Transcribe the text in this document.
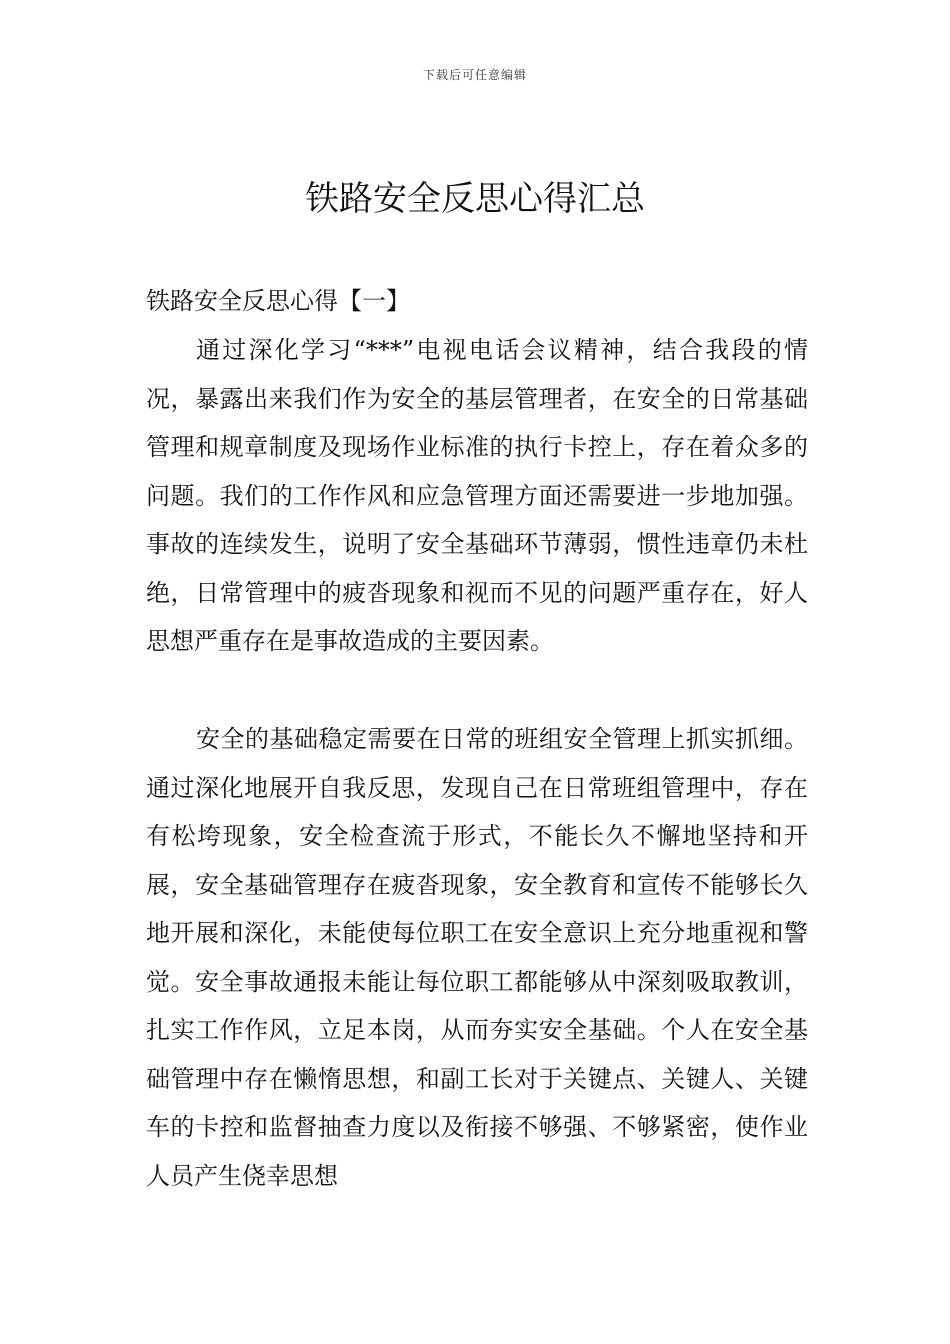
下载后可任意编辑
铁路安全反思心得汇总
铁路安全反思心得【一】

通过深化学习“***”电视电话会议精神，结合我段的情况，暴露出来我们作为安全的基层管理者，在安全的日常基础管理和规章制度及现场作业标准的执行卡控上，存在着众多的问题。我们的工作作风和应急管理方面还需要进一步地加强。事故的连续发生，说明了安全基础环节薄弱，惯性违章仍未杜绝，日常管理中的疲沓现象和视而不见的问题严重存在，好人思想严重存在是事故造成的主要因素。

安全的基础稳定需要在日常的班组安全管理上抓实抓细。通过深化地展开自我反思，发现自己在日常班组管理中，存在有松垮现象，安全检查流于形式，不能长久不懈地坚持和开展，安全基础管理存在疲沓现象，安全教育和宣传不能够长久地开展和深化，未能使每位职工在安全意识上充分地重视和警觉。安全事故通报未能让每位职工都能够从中深刻吸取教训，扎实工作作风，立足本岗，从而夯实安全基础。个人在安全基础管理中存在懒惰思想，和副工长对于关键点、关键人、关键车的卡控和监督抽查力度以及衔接不够强、不够紧密，使作业人员产生侥幸思想
